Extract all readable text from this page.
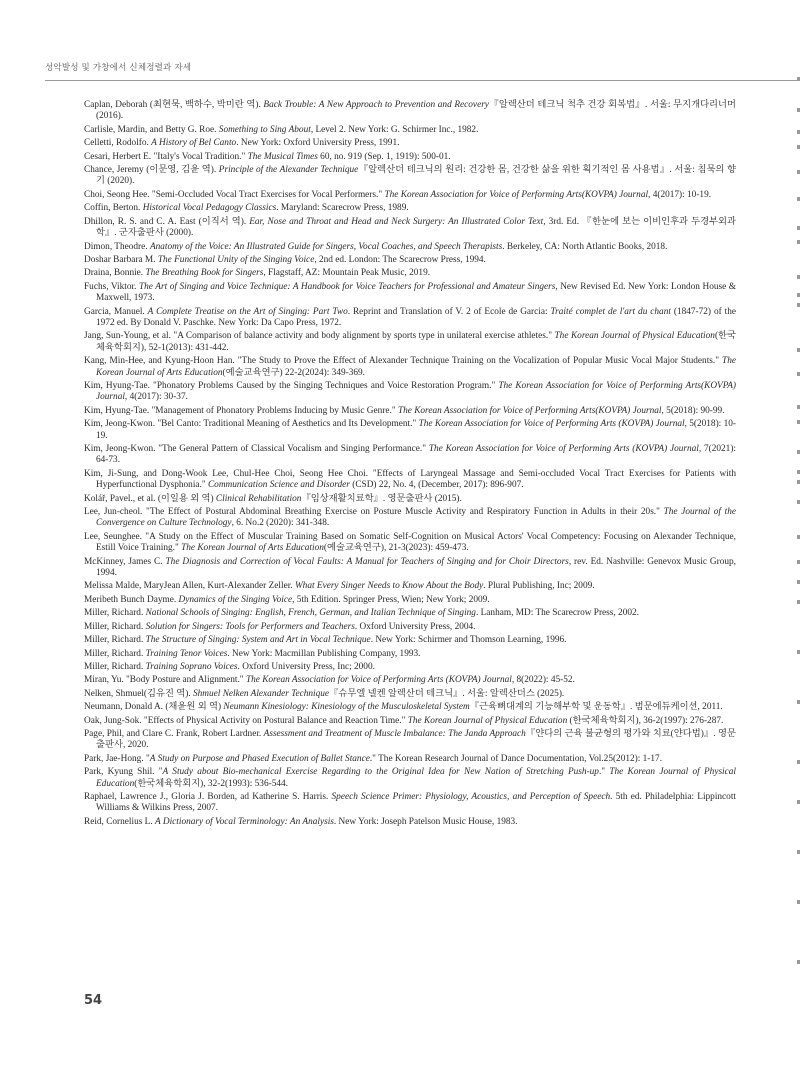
성악발성 및 가창에서 신체정렬과 자세

Caplan, Deborah (최현묵, 백하수, 박미란 역). Back Trouble: A New Approach to Prevention and Recovery『알렉산더 테크닉 척추 건강 회복법』. 서울: 무지개다리너머 (2016).

Carlisle, Mardin, and Betty G. Roe. Something to Sing About, Level 2. New York: G. Schirmer Inc., 1982.

Celletti, Rodolfo. A History of Bel Canto. New York: Oxford University Press, 1991.

Cesari, Herbert E. "Italy's Vocal Tradition." The Musical Times 60, no. 919 (Sep. 1, 1919): 500-01.

Chance, Jeremy (이문영, 김윤 역). Principle of the Alexander Technique『알렉산더 테크닉의 원리: 건강한 몸, 건강한 삶을 위한 획기적인 몸 사용법』. 서울: 침묵의 향기 (2020).

Choi, Seong Hee. "Semi-Occluded Vocal Tract Exercises for Vocal Performers." The Korean Association for Voice of Performing Arts(KOVPA) Journal, 4(2017): 10-19.

Coffin, Berton. Historical Vocal Pedagogy Classics. Maryland: Scarecrow Press, 1989.

Dhillon, R. S. and C. A. East (이직서 역). Ear, Nose and Throat and Head and Neck Surgery: An Illustrated Color Text, 3rd. Ed. 『한눈에 보는 이비인후과 두경부외과학』. 군자출판사 (2000).

Dimon, Theodre. Anatomy of the Voice: An Illustrated Guide for Singers, Vocal Coaches, and Speech Therapists. Berkeley, CA: North Atlantic Books, 2018.

Doshar Barbara M. The Functional Unity of the Singing Voice, 2nd ed. London: The Scarecrow Press, 1994.

Draina, Bonnie. The Breathing Book for Singers, Flagstaff, AZ: Mountain Peak Music, 2019.

Fuchs, Viktor. The Art of Singing and Voice Technique: A Handbook for Voice Teachers for Professional and Amateur Singers, New Revised Ed. New York: London House & Maxwell, 1973.

Garcia, Manuel. A Complete Treatise on the Art of Singing: Part Two. Reprint and Translation of V. 2 of Ecole de Garcia: Traité complet de l'art du chant (1847-72) of the 1972 ed. By Donald V. Paschke. New York: Da Capo Press, 1972.

Jang, Sun-Young, et al. "A Comparison of balance activity and body alignment by sports type in unilateral exercise athletes." The Korean Journal of Physical Education(한국체육학회지), 52-1(2013): 431-442.

Kang, Min-Hee, and Kyung-Hoon Han. "The Study to Prove the Effect of Alexander Technique Training on the Vocalization of Popular Music Vocal Major Students." The Korean Journal of Arts Education(예술교육연구) 22-2(2024): 349-369.

Kim, Hyung-Tae. "Phonatory Problems Caused by the Singing Techniques and Voice Restoration Program." The Korean Association for Voice of Performing Arts(KOVPA) Journal, 4(2017): 30-37.

Kim, Hyung-Tae. "Management of Phonatory Problems Inducing by Music Genre." The Korean Association for Voice of Performing Arts(KOVPA) Journal, 5(2018): 90-99.

Kim, Jeong-Kwon. "Bel Canto: Traditional Meaning of Aesthetics and Its Development." The Korean Association for Voice of Performing Arts (KOVPA) Journal, 5(2018): 10-19.

Kim, Jeong-Kwon. "The General Pattern of Classical Vocalism and Singing Performance." The Korean Association for Voice of Performing Arts (KOVPA) Journal, 7(2021): 64-73.

Kim, Ji-Sung, and Dong-Wook Lee, Chul-Hee Choi, Seong Hee Choi. "Effects of Laryngeal Massage and Semi-occluded Vocal Tract Exercises for Patients with Hyperfunctional Dysphonia." Communication Science and Disorder (CSD) 22, No. 4, (December, 2017): 896-907.

Kolář, Pavel., et al. (이일용 외 역) Clinical Rehabilitation『임상재활치료학』. 영문출판사 (2015).

Lee, Jun-cheol. "The Effect of Postural Abdominal Breathing Exercise on Posture Muscle Activity and Respiratory Function in Adults in their 20s." The Journal of the Convergence on Culture Technology, 6. No.2 (2020): 341-348.

Lee, Seunghee. "A Study on the Effect of Muscular Training Based on Somatic Self-Cognition on Musical Actors' Vocal Competency: Focusing on Alexander Technique, Estill Voice Training." The Korean Journal of Arts Education(예술교육연구), 21-3(2023): 459-473.

McKinney, James C. The Diagnosis and Correction of Vocal Faults: A Manual for Teachers of Singing and for Choir Directors, rev. Ed. Nashville: Genevox Music Group, 1994.

Melissa Malde, MaryJean Allen, Kurt-Alexander Zeller. What Every Singer Needs to Know About the Body. Plural Publishing, Inc; 2009.

Meribeth Bunch Dayme. Dynamics of the Singing Voice, 5th Edition. Springer Press, Wien; New York; 2009.

Miller, Richard. National Schools of Singing: English, French, German, and Italian Technique of Singing. Lanham, MD: The Scarecrow Press, 2002.

Miller, Richard. Solution for Singers: Tools for Performers and Teachers. Oxford University Press, 2004.

Miller, Richard. The Structure of Singing: System and Art in Vocal Technique. New York: Schirmer and Thomson Learning, 1996.

Miller, Richard. Training Tenor Voices. New York: Macmillan Publishing Company, 1993.

Miller, Richard. Training Soprano Voices. Oxford University Press, Inc; 2000.

Miran, Yu. "Body Posture and Alignment." The Korean Association for Voice of Performing Arts (KOVPA) Journal, 8(2022): 45-52.

Nelken, Shmuel(김유진 역). Shmuel Nelken Alexander Technique『슈무엘 넬켄 알렉산더 테크닉』. 서울: 알렉산더스 (2025).

Neumann, Donald A. (채윤원 외 역) Neumann Kinesiology: Kinesiology of the Musculoskeletal System『근육뼈대계의 기능해부학 및 운동학』. 범문에듀케이션, 2011.

Oak, Jung-Sok. "Effects of Physical Activity on Postural Balance and Reaction Time." The Korean Journal of Physical Education (한국체육학회지), 36-2(1997): 276-287.

Page, Phil, and Clare C. Frank, Robert Lardner. Assessment and Treatment of Muscle Imbalance: The Janda Approach『얀다의 근육 불균형의 평가와 치료(얀다법)』. 영문출판사, 2020.

Park, Jae-Hong. "A Study on Purpose and Phased Execution of Ballet Stance." The Korean Research Journal of Dance Documentation, Vol.25(2012): 1-17.

Park, Kyung Shil. "A Study about Bio-mechanical Exercise Regarding to the Original Idea for New Nation of Stretching Push-up." The Korean Journal of Physical Education(한국체육학회지), 32-2(1993): 536-544.

Raphael, Lawrence J., Gloria J. Borden, ad Katherine S. Harris. Speech Science Primer: Physiology, Acoustics, and Perception of Speech. 5th ed. Philadelphia: Lippincott Williams & Wilkins Press, 2007.

Reid, Cornelius L. A Dictionary of Vocal Terminology: An Analysis. New York: Joseph Patelson Music House, 1983.

54
